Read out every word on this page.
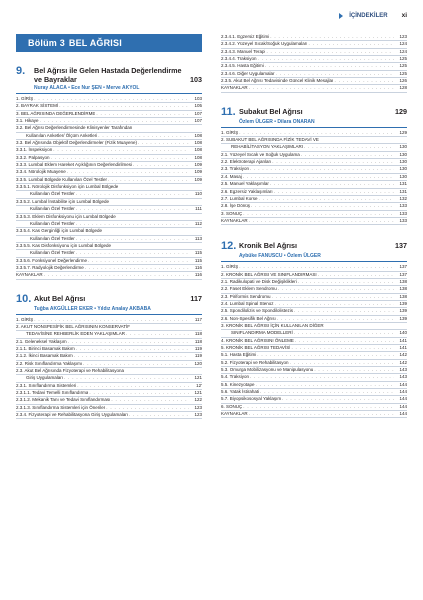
İÇİNDEKİLER xi
Bölüm 3 BEL AĞRISI
9.	Bel Ağrısı ile Gelen Hastada Değerlendirme ve Bayraklar	103
Nuray ALACA • Ece Nur ŞEN • Merve AKYOL
1. GİRİŞ . . .	103
2. BAYRAK SİSTEMİ . . .	105
3. BEL AĞRISINDA DEĞERLENDİRME . . .	107
3.1. Hikaye . . .	107
3.2. Bel Ağrısı Değerlendirmesinde Klinisyenler Tarafından
Kullanılan Anketler/ Ölçüm Anketleri . . .	108
3.3. Bel Ağrısında Objektif Değerlendirmeler (Fizik Muayene) . . .	108
3.3.1. İnspeksiyon . . .	108
3.3.2. Palpasyon . . .	108
3.3.3. Lumbal Eklem Hareket Açıklığının Değerlendirilmesi . . .	109
3.3.4. Nörolojik Muayene . . .	109
3.3.5. Lumbal Bölgede Kullanılan Özel Testler . . .	109
3.3.5.1. Nörolojik Disfonksiyon için Lumbal Bölgede
Kullanılan Özel Testler . . .	110
3.3.5.2. Lumbal İnstabilite için Lumbal Bölgede
Kullanılan Özel Testler . . .	111
3.3.5.3. Eklem Disfonksiyonu için Lumbal Bölgede
Kullanılan Özel Testler . . .	112
3.3.5.4. Kas Gerginliği için Lumbal Bölgede
Kullanılan Özel Testler . . .	113
3.3.5.5. Kas Disfonksiyonu için Lumbal Bölgede
Kullanılan Özel Testler . . .	115
3.3.5.6. Fonksiyonel Değerlendirme . . .	115
3.3.5.7. Radyolojik Değerlendirme . . .	116
KAYNAKLAR . . .	116
10. Akut Bel Ağrısı	117
Tuğba AKGÜLLER EKER • Yıldız Analay AKBABA
1. GİRİŞ . . .	117
2. AKUT NONSPESİFİK BEL AĞRISININ KONSERVATİF
TEDAVİSİNE REHBERLİK EDEN YAKLAŞIMLAR . . .	118
2.1. Geleneksel Yaklaşım . . .	118
2.1.1. Birinci Basamak Bakım . . .	119
2.1.2. İkinci Basamak Bakım . . .	119
2.2. Risk Sınıflandırma Yaklaşımı . . .	120
2.3. Akut Bel Ağrısında Fizyoterapi ve Rehabilitasyona
Giriş Uygulamaları . . .	121
2.3.1. Sınıflandırma Sistemleri . . .	12'
2.3.1.1. Tedavi Temelli Sınıflandırma . . .	121
2.3.1.2. Mekanik Tanı ve Tedavi Sınıflandırması . . .	122
2.3.1.3. Sınıflandırma Sistemleri için Öneriler . . .	123
2.3.4. Fizyoterapi ve Rehabilitasyona Giriş Uygulamaları . . .	123
2.3.4.1. Egzersiz Eğitimi . . .	123
2.3.4.2. Yüzeyel Sıcak/Soğuk Uygulamaları . . .	124
2.3.4.3. Manuel Terapi . . .	124
2.3.4.4. Traksiyon . . .	125
2.3.4.5. Hasta Eğitimi . . .	125
2.3.4.6. Diğer Uygulamalar . . .	125
2.3.5. Akut Bel Ağrısı Tedavisinde Güncel Klinik Mesajlar . . .	126
KAYNAKLAR . . .	128
11. Subakut Bel Ağrısı	129
Özlem ÜLGER • Dilara ONARAN
1. GİRİŞ . . .	129
2. SUBAKUT BEL AĞRISINDA FİZİK TEDAVİ VE
REHABİLİTASYON YAKLAŞIMLARI . . .	130
2.1. Yüzeyel Sıcak ve Soğuk Uygulama . . .	130
2.2. Elektroterapi Ajanları . . .	130
2.3. Traksiyon . . .	130
2.4. Masaj . . .	130
2.5. Manuel Yaklaşımlar . . .	131
2.6. Egzersiz Yaklaşımları . . .	131
2.7. Lumbal Korse . . .	132
2.8. İşe Dönüş . . .	133
3. SONUÇ . . .	133
KAYNAKLAR . . .	133
12. Kronik Bel Ağrısı	137
Aybüke FANUSCU • Özlem ÜLGER
1. GİRİŞ . . .	137
2. KRONİK BEL AĞRISI VE SINIFLANDIRMASI . . .	137
2.1. Radikulopati ve Disk Değişiklikleri . . .	138
2.2. Faset Eklem Sendromu . . .	138
2.3. Piriformis Sendromu . . .	138
2.4. Lumbal Spinal Stenoz . . .	139
2.5. Spondilolizis ve Spondilolistezis . . .	139
2.6. Non-Spesifik Bel Ağrısı . . .	139
3. KRONİK BEL AĞRISI İÇİN KULLANILAN DİĞER
SINIFLANDIRMA MODELLERİ . . .	140
4. KRONİK BEL AĞRISINI ÖNLEME . . .	141
5. KRONİK BEL AĞRISI TEDAVİSİ . . .	141
5.1. Hasta Eğitimi . . .	142
5.2. Fizyoterapi ve Rehabilitasyon . . .	142
5.3. Omurga Mobilizasyonu ve Manipulasyonu . . .	143
5.4. Traksiyon . . .	143
5.5. Kinezyotape . . .	144
5.6. Yatak İstirahati . . .	144
5.7. Biyopsikososyal Yaklaşım . . .	144
6. SONUÇ . . .	144
KAYNAKLAR . . .	144
